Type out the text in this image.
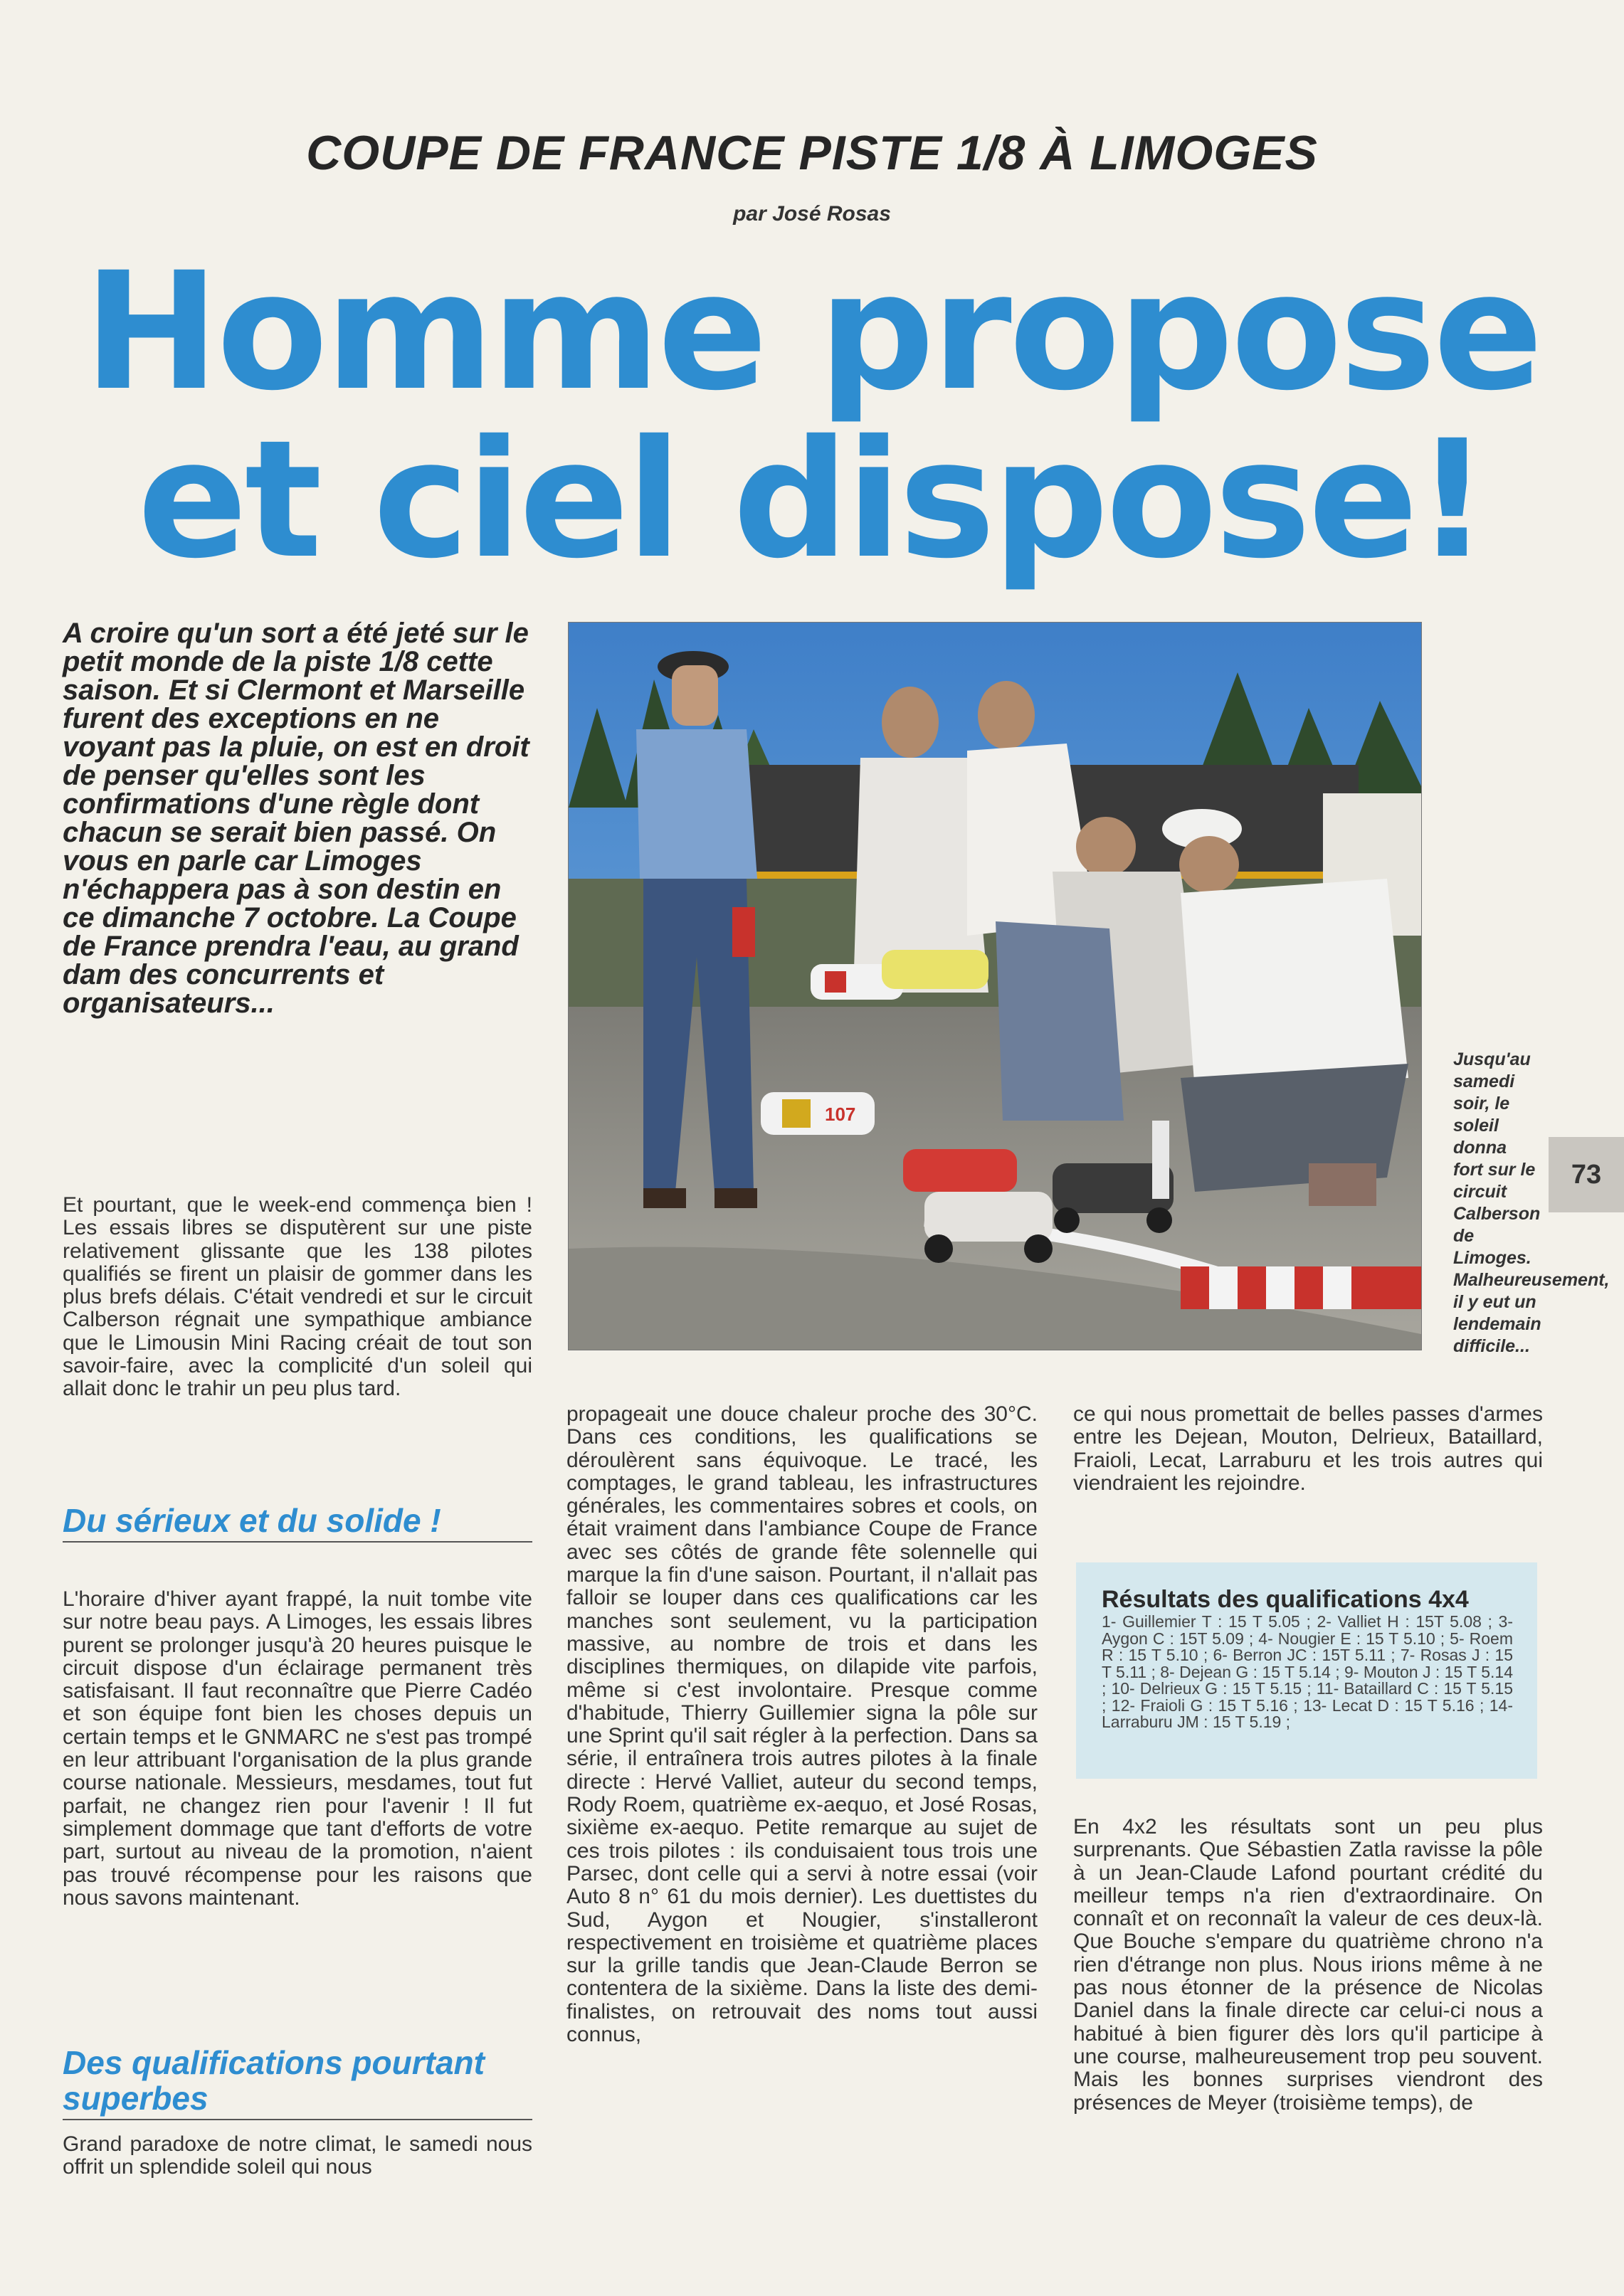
COUPE DE FRANCE PISTE 1/8 À LIMOGES
par José Rosas
Homme propose
et ciel dispose!
A croire qu'un sort a été jeté sur le petit monde de la piste 1/8 cette saison. Et si Clermont et Marseille furent des exceptions en ne voyant pas la pluie, on est en droit de penser qu'elles sont les confirmations d'une règle dont chacun se serait bien passé. On vous en parle car Limoges n'échappera pas à son destin en ce dimanche 7 octobre. La Coupe de France prendra l'eau, au grand dam des concurrents et organisateurs...

Et pourtant, que le week-end commença bien ! Les essais libres se disputèrent sur une piste relativement glissante que les 138 pilotes qualifiés se firent un plaisir de gommer dans les plus brefs délais. C'était vendredi et sur le circuit Calberson régnait une sympathique ambiance que le Limousin Mini Racing créait de tout son savoir-faire, avec la complicité d'un soleil qui allait donc le trahir un peu plus tard.

Du sérieux et du solide !

L'horaire d'hiver ayant frappé, la nuit tombe vite sur notre beau pays. A Limoges, les essais libres purent se prolonger jusqu'à 20 heures puisque le circuit dispose d'un éclairage permanent très satisfaisant. Il faut reconnaître que Pierre Cadéo et son équipe font bien les choses depuis un certain temps et le GNMARC ne s'est pas trompé en leur attribuant l'organisation de la plus grande course nationale. Messieurs, mesdames, tout fut parfait, ne changez rien pour l'avenir ! Il fut simplement dommage que tant d'efforts de votre part, surtout au niveau de la promotion, n'aient pas trouvé récompense pour les raisons que nous savons maintenant.

Des qualifications pourtant superbes

Grand paradoxe de notre climat, le samedi nous offrit un splendide soleil qui nous

propageait une douce chaleur proche des 30°C. Dans ces conditions, les qualifications se déroulèrent sans équivoque. Le tracé, les comptages, le grand tableau, les infrastructures générales, les commentaires sobres et cools, on était vraiment dans l'ambiance Coupe de France avec ses côtés de grande fête solennelle qui marque la fin d'une saison. Pourtant, il n'allait pas falloir se louper dans ces qualifications car les manches sont seulement, vu la participation massive, au nombre de trois et dans les disciplines thermiques, on dilapide vite parfois, même si c'est involontaire. Presque comme d'habitude, Thierry Guillemier signa la pôle sur une Sprint qu'il sait régler à la perfection. Dans sa série, il entraînera trois autres pilotes à la finale directe : Hervé Valliet, auteur du second temps, Rody Roem, quatrième ex-aequo, et José Rosas, sixième ex-aequo. Petite remarque au sujet de ces trois pilotes : ils conduisaient tous trois une Parsec, dont celle qui a servi à notre essai (voir Auto 8 n° 61 du mois dernier). Les duettistes du Sud, Aygon et Nougier, s'installeront respectivement en troisième et quatrième places sur la grille tandis que Jean-Claude Berron se contentera de la sixième. Dans la liste des demi-finalistes, on retrouvait des noms tout aussi connus,

ce qui nous promettait de belles passes d'armes entre les Dejean, Mouton, Delrieux, Bataillard, Fraioli, Lecat, Larraburu et les trois autres qui viendraient les rejoindre.

Résultats des qualifications 4x4
1- Guillemier T : 15 T 5.05 ; 2- Valliet H : 15T 5.08 ; 3- Aygon C : 15T 5.09 ; 4- Nougier E : 15 T 5.10 ; 5- Roem R : 15 T 5.10 ; 6- Berron JC : 15T 5.11 ; 7- Rosas J : 15 T 5.11 ; 8- Dejean G : 15 T 5.14 ; 9- Mouton J : 15 T 5.14 ; 10- Delrieux G : 15 T 5.15 ; 11- Bataillard C : 15 T 5.15 ; 12- Fraioli G : 15 T 5.16 ; 13- Lecat D : 15 T 5.16 ; 14- Larraburu JM : 15 T 5.19 ;

En 4x2 les résultats sont un peu plus surprenants. Que Sébastien Zatla ravisse la pôle à un Jean-Claude Lafond pourtant crédité du meilleur temps n'a rien d'extraordinaire. On connaît et on reconnaît la valeur de ces deux-là. Que Bouche s'empare du quatrième chrono n'a rien d'étrange non plus. Nous irions même à ne pas nous étonner de la présence de Nicolas Daniel dans la finale directe car celui-ci nous a habitué à bien figurer dès lors qu'il participe à une course, malheureusement trop peu souvent. Mais les bonnes surprises viendront des présences de Meyer (troisième temps), de

107
Jusqu'au samedi soir, le soleil donna fort sur le circuit Calberson de Limoges. Malheureusement, il y eut un lendemain difficile...
73
